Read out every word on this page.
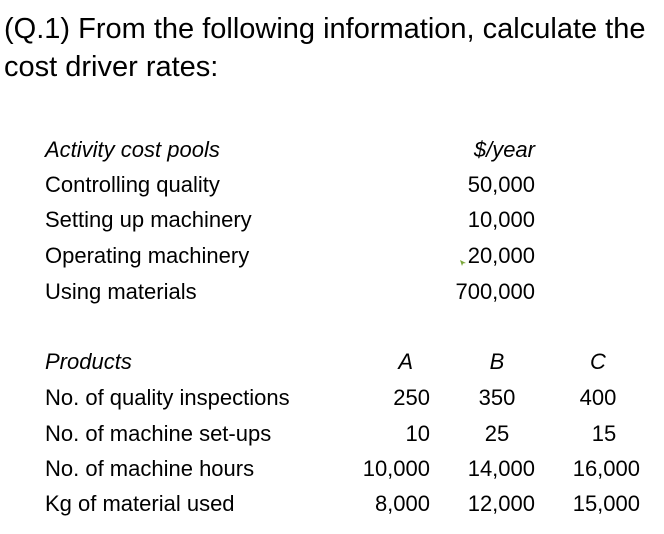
(Q.1) From the following information, calculate the cost driver rates:
Activity cost pools	$/year
Controlling quality	50,000
Setting up machinery	10,000
Operating machinery	20,000
Using materials	700,000
Products	A	B	C
No. of quality inspections	250	350	400
No. of machine set-ups	10	25	15
No. of machine hours	10,000	14,000	16,000
Kg of material used	8,000	12,000	15,000
